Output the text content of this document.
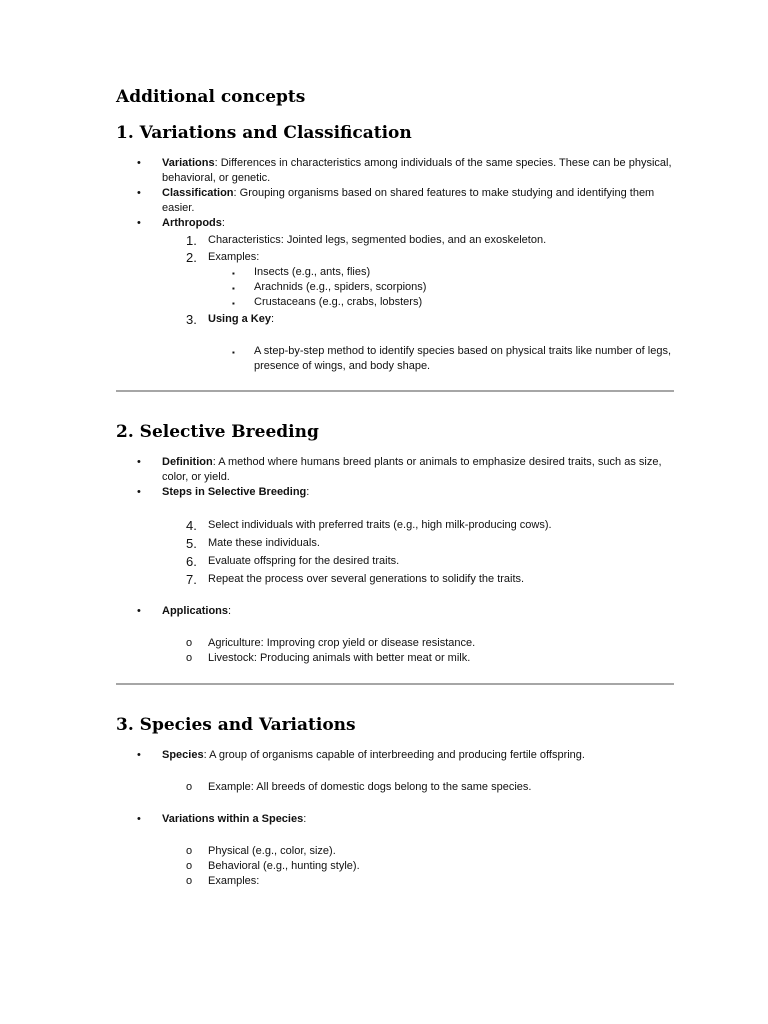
Additional concepts
1. Variations and Classification
• Variations: Differences in characteristics among individuals of the same species. These can be physical, behavioral, or genetic.
• Classification: Grouping organisms based on shared features to make studying and identifying them easier.
• Arthropods:
1. Characteristics: Jointed legs, segmented bodies, and an exoskeleton.
2. Examples:
▪ Insects (e.g., ants, flies)
▪ Arachnids (e.g., spiders, scorpions)
▪ Crustaceans (e.g., crabs, lobsters)
3. Using a Key:
▪ A step-by-step method to identify species based on physical traits like number of legs, presence of wings, and body shape.
2. Selective Breeding
• Definition: A method where humans breed plants or animals to emphasize desired traits, such as size, color, or yield.
• Steps in Selective Breeding:
4. Select individuals with preferred traits (e.g., high milk-producing cows).
5. Mate these individuals.
6. Evaluate offspring for the desired traits.
7. Repeat the process over several generations to solidify the traits.
• Applications:
o Agriculture: Improving crop yield or disease resistance.
o Livestock: Producing animals with better meat or milk.
3. Species and Variations
• Species: A group of organisms capable of interbreeding and producing fertile offspring.
o Example: All breeds of domestic dogs belong to the same species.
• Variations within a Species:
o Physical (e.g., color, size).
o Behavioral (e.g., hunting style).
o Examples:
